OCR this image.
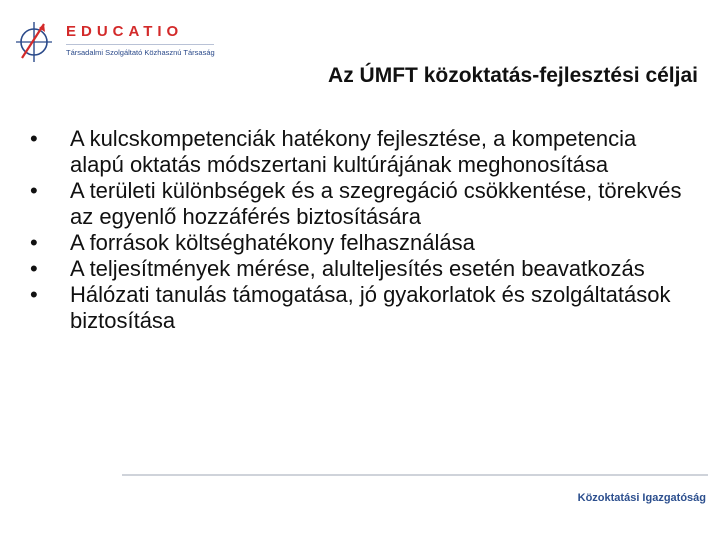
EDUCATIO
Társadalmi Szolgáltató Közhasznú Társaság
Az ÚMFT közoktatás-fejlesztési céljai
• A kulcskompetenciák hatékony fejlesztése, a kompetencia alapú oktatás módszertani kultúrájának meghonosítása
• A területi különbségek és a szegregáció csökkentése, törekvés az egyenlő hozzáférés biztosítására
• A források költséghatékony felhasználása
• A teljesítmények mérése, alulteljesítés esetén beavatkozás
• Hálózati tanulás támogatása, jó gyakorlatok és szolgáltatások biztosítása
Közoktatási Igazgatóság
